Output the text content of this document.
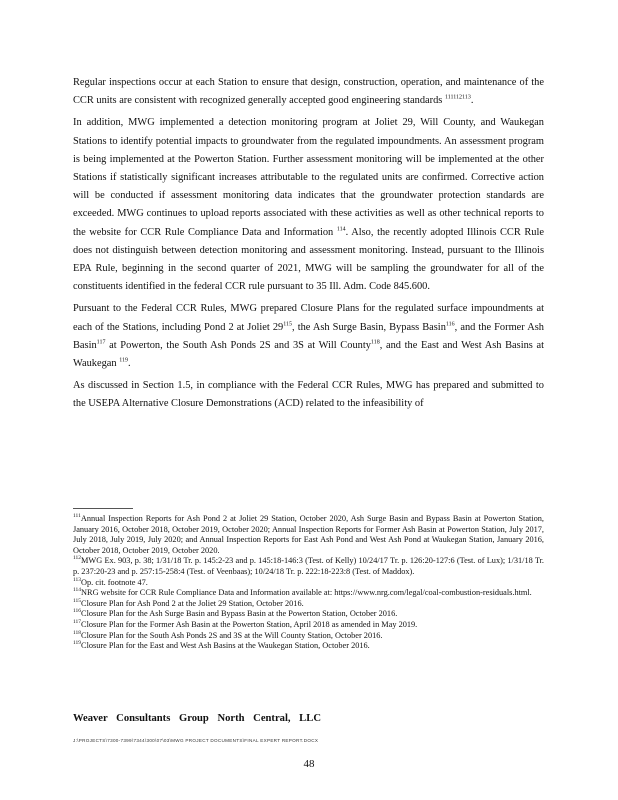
Regular inspections occur at each Station to ensure that design, construction, operation, and maintenance of the CCR units are consistent with recognized generally accepted good engineering standards $^{111112113}$.

In addition, MWG implemented a detection monitoring program at Joliet 29, Will County, and Waukegan Stations to identify potential impacts to groundwater from the regulated impoundments. An assessment program is being implemented at the Powerton Station. Further assessment monitoring will be implemented at the other Stations if statistically significant increases attributable to the regulated units are confirmed. Corrective action will be conducted if assessment monitoring data indicates that the groundwater protection standards are exceeded. MWG continues to upload reports associated with these activities as well as other technical reports to the website for CCR Rule Compliance Data and Information $^{114}$. Also, the recently adopted Illinois CCR Rule does not distinguish between detection monitoring and assessment monitoring. Instead, pursuant to the Illinois EPA Rule, beginning in the second quarter of 2021, MWG will be sampling the groundwater for all of the constituents identified in the federal CCR rule pursuant to 35 Ill. Adm. Code 845.600.

Pursuant to the Federal CCR Rules, MWG prepared Closure Plans for the regulated surface impoundments at each of the Stations, including Pond 2 at Joliet $29^{115}$, the Ash Surge Basin, Bypass Basin$^{116}$, and the Former Ash Basin$^{117}$ at Powerton, the South Ash Ponds 2S and 3S at Will County$^{118}$, and the East and West Ash Basins at Waukegan $^{119}$.

As discussed in Section 1.5, in compliance with the Federal CCR Rules, MWG has prepared and submitted to the USEPA Alternative Closure Demonstrations (ACD) related to the infeasibility of

$^{111}$Annual Inspection Reports for Ash Pond 2 at Joliet 29 Station, October 2020, Ash Surge Basin and Bypass Basin at Powerton Station, January 2016, October 2018, October 2019, October 2020; Annual Inspection Reports for Former Ash Basin at Powerton Station, July 2017, July 2018, July 2019, July 2020; and Annual Inspection Reports for East Ash Pond and West Ash Pond at Waukegan Station, January 2016, October 2018, October 2019, October 2020.

$^{112}$MWG Ex. 903, p. 38; 1/31/18 Tr. p. 145:2-23 and p. 145:18-146:3 (Test. of Kelly) 10/24/17 Tr. p. 126:20-127:6 (Test. of Lux); 1/31/18 Tr. p. 237:20-23 and p. 257:15-258:4 (Test. of Veenbaas); 10/24/18 Tr. p. 222:18-223:8 (Test. of Maddox).

$^{113}$Op. cit. footnote 47.

$^{114}$NRG website for CCR Rule Compliance Data and Information available at: https://www.nrg.com/legal/coal-combustion-residuals.html.

$^{115}$Closure Plan for Ash Pond 2 at the Joliet 29 Station, October 2016.

$^{116}$Closure Plan for the Ash Surge Basin and Bypass Basin at the Powerton Station, October 2016.

$^{117}$Closure Plan for the Former Ash Basin at the Powerton Station, April 2018 as amended in May 2019.

$^{118}$Closure Plan for the South Ash Ponds 2S and 3S at the Will County Station, October 2016.

$^{119}$Closure Plan for the East and West Ash Basins at the Waukegan Station, October 2016.

Weaver Consultants Group North Central, LLC
J:\PROJECTS\7300-7399\7344\300\07\03\MWG PROJECT DOCUMENTS\FINAL EXPERT REPORT.DOCX
48
